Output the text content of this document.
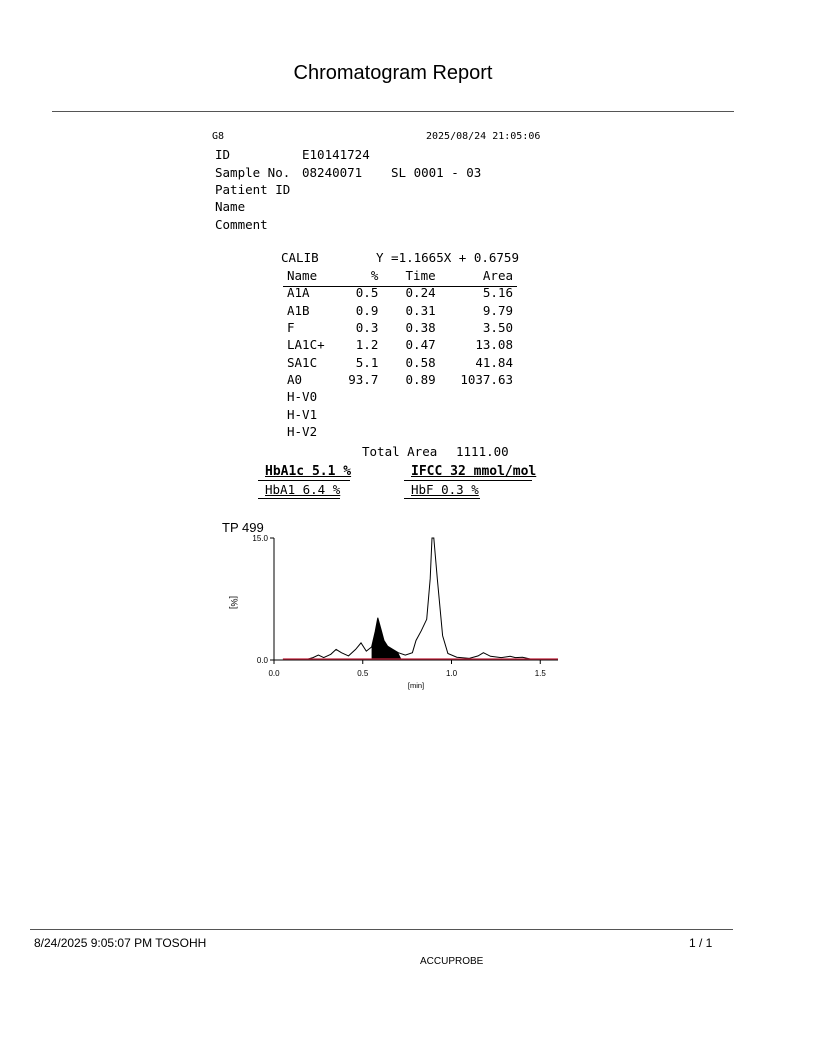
Chromatogram Report
G8	2025/08/24 21:05:06
ID	E10141724
Sample No. 08240071 SL 0001 - 03
Patient ID
Name
Comment
CALIB	Y =1.1665X + 0.6759
Name	%	Time	Area
A1A	0.5	0.24	5.16
A1B	0.9	0.31	9.79
F	0.3	0.38	3.50
LA1C+	1.2	0.47	13.08
SA1C	5.1	0.58	41.84
A0	93.7	0.89	1037.63
H-V0			
H-V1			
H-V2			
Total Area 1111.00
HbA1c 5.1 %	IFCC 32 mmol/mol
HbA1 6.4 %	HbF 0.3 %
TP 499
[%]
15.0
0.0
0.0	0.5	1.0	1.5
[min]
8/24/2025 9:05:07 PM TOSOHH	1 / 1
ACCUPROBE
